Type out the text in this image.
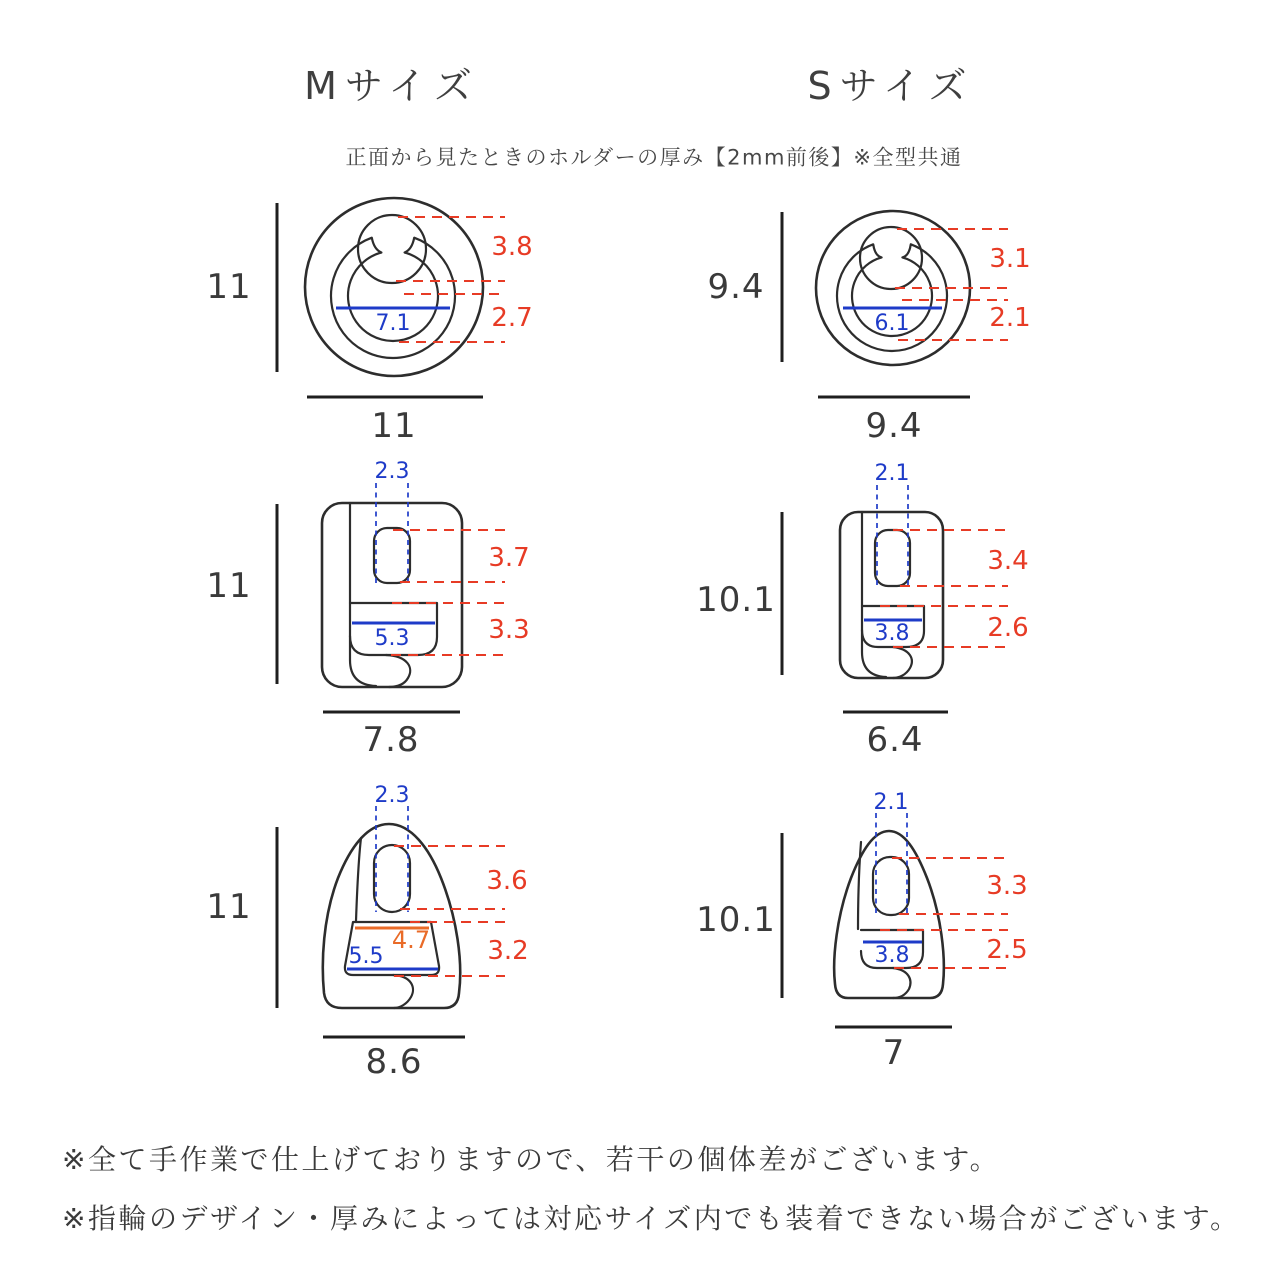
Mサイズ	Sサイズ
正面から見たときのホルダーの厚み【2mm前後】※全型共通
11
3.8
2.7
7.1
11
9.4
3.1
2.1
6.1
9.4
2.3
11
3.7
3.3
5.3
7.8
2.1
10.1
3.4
2.6
3.8
6.4
2.3
11
3.6
3.2
4.7
5.5
8.6
2.1
10.1
3.3
2.5
3.8
7
※全て手作業で仕上げておりますので、若干の個体差がございます。
※指輪のデザイン・厚みによっては対応サイズ内でも装着できない場合がございます。
